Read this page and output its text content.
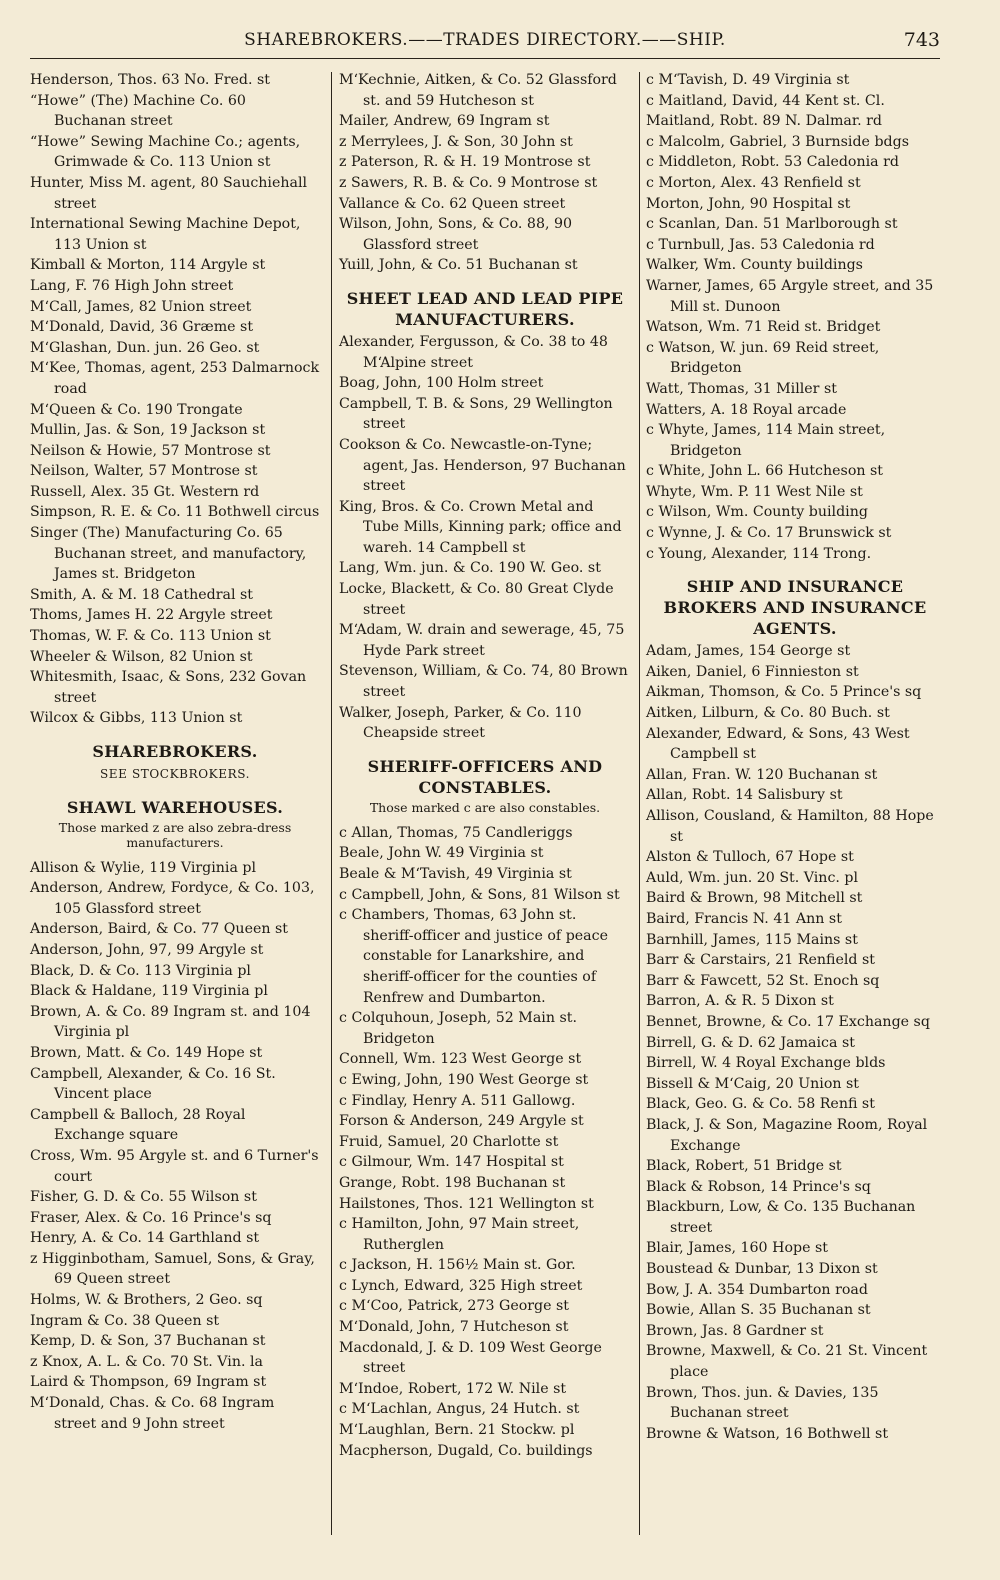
SHAREBROKERS.——TRADES DIRECTORY.——SHIP.	743

Henderson, Thos. 63 No. Fred. st

“Howe” (The) Machine Co. 60 Buchanan street

“Howe” Sewing Machine Co.; agents, Grimwade & Co. 113 Union st

Hunter, Miss M. agent, 80 Sauchiehall street

International Sewing Machine Depot, 113 Union st

Kimball & Morton, 114 Argyle st

Lang, F. 76 High John street

M‘Call, James, 82 Union street

M‘Donald, David, 36 Græme st

M‘Glashan, Dun. jun. 26 Geo. st

M‘Kee, Thomas, agent, 253 Dalmarnock road

M‘Queen & Co. 190 Trongate

Mullin, Jas. & Son, 19 Jackson st

Neilson & Howie, 57 Montrose st

Neilson, Walter, 57 Montrose st

Russell, Alex. 35 Gt. Western rd

Simpson, R. E. & Co. 11 Bothwell circus

Singer (The) Manufacturing Co. 65 Buchanan street, and manufactory, James st. Bridgeton

Smith, A. & M. 18 Cathedral st

Thoms, James H. 22 Argyle street

Thomas, W. F. & Co. 113 Union st

Wheeler & Wilson, 82 Union st

Whitesmith, Isaac, & Sons, 232 Govan street

Wilcox & Gibbs, 113 Union st

SHAREBROKERS.
SEE STOCKBROKERS.
SHAWL WAREHOUSES.
Those marked z are also zebra-dress manufacturers.

Allison & Wylie, 119 Virginia pl

Anderson, Andrew, Fordyce, & Co. 103, 105 Glassford street

Anderson, Baird, & Co. 77 Queen st

Anderson, John, 97, 99 Argyle st

Black, D. & Co. 113 Virginia pl

Black & Haldane, 119 Virginia pl

Brown, A. & Co. 89 Ingram st. and 104 Virginia pl

Brown, Matt. & Co. 149 Hope st

Campbell, Alexander, & Co. 16 St. Vincent place

Campbell & Balloch, 28 Royal Exchange square

Cross, Wm. 95 Argyle st. and 6 Turner's court

Fisher, G. D. & Co. 55 Wilson st

Fraser, Alex. & Co. 16 Prince's sq

Henry, A. & Co. 14 Garthland st

z Higginbotham, Samuel, Sons, & Gray, 69 Queen street

Holms, W. & Brothers, 2 Geo. sq

Ingram & Co. 38 Queen st

Kemp, D. & Son, 37 Buchanan st

z Knox, A. L. & Co. 70 St. Vin. la

Laird & Thompson, 69 Ingram st

M‘Donald, Chas. & Co. 68 Ingram street and 9 John street

M‘Kechnie, Aitken, & Co. 52 Glassford st. and 59 Hutcheson st

Mailer, Andrew, 69 Ingram st

z Merrylees, J. & Son, 30 John st

z Paterson, R. & H. 19 Montrose st

z Sawers, R. B. & Co. 9 Montrose st

Vallance & Co. 62 Queen street

Wilson, John, Sons, & Co. 88, 90 Glassford street

Yuill, John, & Co. 51 Buchanan st

SHEET LEAD AND LEAD PIPE MANUFACTURERS.

Alexander, Fergusson, & Co. 38 to 48 M‘Alpine street

Boag, John, 100 Holm street

Campbell, T. B. & Sons, 29 Wellington street

Cookson & Co. Newcastle-on-Tyne; agent, Jas. Henderson, 97 Buchanan street

King, Bros. & Co. Crown Metal and Tube Mills, Kinning park; office and wareh. 14 Campbell st

Lang, Wm. jun. & Co. 190 W. Geo. st

Locke, Blackett, & Co. 80 Great Clyde street

M‘Adam, W. drain and sewerage, 45, 75 Hyde Park street

Stevenson, William, & Co. 74, 80 Brown street

Walker, Joseph, Parker, & Co. 110 Cheapside street

SHERIFF-OFFICERS AND CONSTABLES.
Those marked c are also constables.

c Allan, Thomas, 75 Candleriggs

Beale, John W. 49 Virginia st

Beale & M‘Tavish, 49 Virginia st

c Campbell, John, & Sons, 81 Wilson st

c Chambers, Thomas, 63 John st. sheriff-officer and justice of peace constable for Lanarkshire, and sheriff-officer for the counties of Renfrew and Dumbarton.

c Colquhoun, Joseph, 52 Main st. Bridgeton

Connell, Wm. 123 West George st

c Ewing, John, 190 West George st

c Findlay, Henry A. 511 Gallowg.

Forson & Anderson, 249 Argyle st

Fruid, Samuel, 20 Charlotte st

c Gilmour, Wm. 147 Hospital st

Grange, Robt. 198 Buchanan st

Hailstones, Thos. 121 Wellington st

c Hamilton, John, 97 Main street, Rutherglen

c Jackson, H. 156½ Main st. Gor.

c Lynch, Edward, 325 High street

c M‘Coo, Patrick, 273 George st

M‘Donald, John, 7 Hutcheson st

Macdonald, J. & D. 109 West George street

M‘Indoe, Robert, 172 W. Nile st

c M‘Lachlan, Angus, 24 Hutch. st

M‘Laughlan, Bern. 21 Stockw. pl

Macpherson, Dugald, Co. buildings

c M‘Tavish, D. 49 Virginia st

c Maitland, David, 44 Kent st. Cl.

Maitland, Robt. 89 N. Dalmar. rd

c Malcolm, Gabriel, 3 Burnside bdgs

c Middleton, Robt. 53 Caledonia rd

c Morton, Alex. 43 Renfield st

Morton, John, 90 Hospital st

c Scanlan, Dan. 51 Marlborough st

c Turnbull, Jas. 53 Caledonia rd

Walker, Wm. County buildings

Warner, James, 65 Argyle street, and 35 Mill st. Dunoon

Watson, Wm. 71 Reid st. Bridget

c Watson, W. jun. 69 Reid street, Bridgeton

Watt, Thomas, 31 Miller st

Watters, A. 18 Royal arcade

c Whyte, James, 114 Main street, Bridgeton

c White, John L. 66 Hutcheson st

Whyte, Wm. P. 11 West Nile st

c Wilson, Wm. County building

c Wynne, J. & Co. 17 Brunswick st

c Young, Alexander, 114 Trong.

SHIP AND INSURANCE BROKERS AND INSURANCE AGENTS.

Adam, James, 154 George st

Aiken, Daniel, 6 Finnieston st

Aikman, Thomson, & Co. 5 Prince's sq

Aitken, Lilburn, & Co. 80 Buch. st

Alexander, Edward, & Sons, 43 West Campbell st

Allan, Fran. W. 120 Buchanan st

Allan, Robt. 14 Salisbury st

Allison, Cousland, & Hamilton, 88 Hope st

Alston & Tulloch, 67 Hope st

Auld, Wm. jun. 20 St. Vinc. pl

Baird & Brown, 98 Mitchell st

Baird, Francis N. 41 Ann st

Barnhill, James, 115 Mains st

Barr & Carstairs, 21 Renfield st

Barr & Fawcett, 52 St. Enoch sq

Barron, A. & R. 5 Dixon st

Bennet, Browne, & Co. 17 Exchange sq

Birrell, G. & D. 62 Jamaica st

Birrell, W. 4 Royal Exchange blds

Bissell & M‘Caig, 20 Union st

Black, Geo. G. & Co. 58 Renfi st

Black, J. & Son, Magazine Room, Royal Exchange

Black, Robert, 51 Bridge st

Black & Robson, 14 Prince's sq

Blackburn, Low, & Co. 135 Buchanan street

Blair, James, 160 Hope st

Boustead & Dunbar, 13 Dixon st

Bow, J. A. 354 Dumbarton road

Bowie, Allan S. 35 Buchanan st

Brown, Jas. 8 Gardner st

Browne, Maxwell, & Co. 21 St. Vincent place

Brown, Thos. jun. & Davies, 135 Buchanan street

Browne & Watson, 16 Bothwell st
